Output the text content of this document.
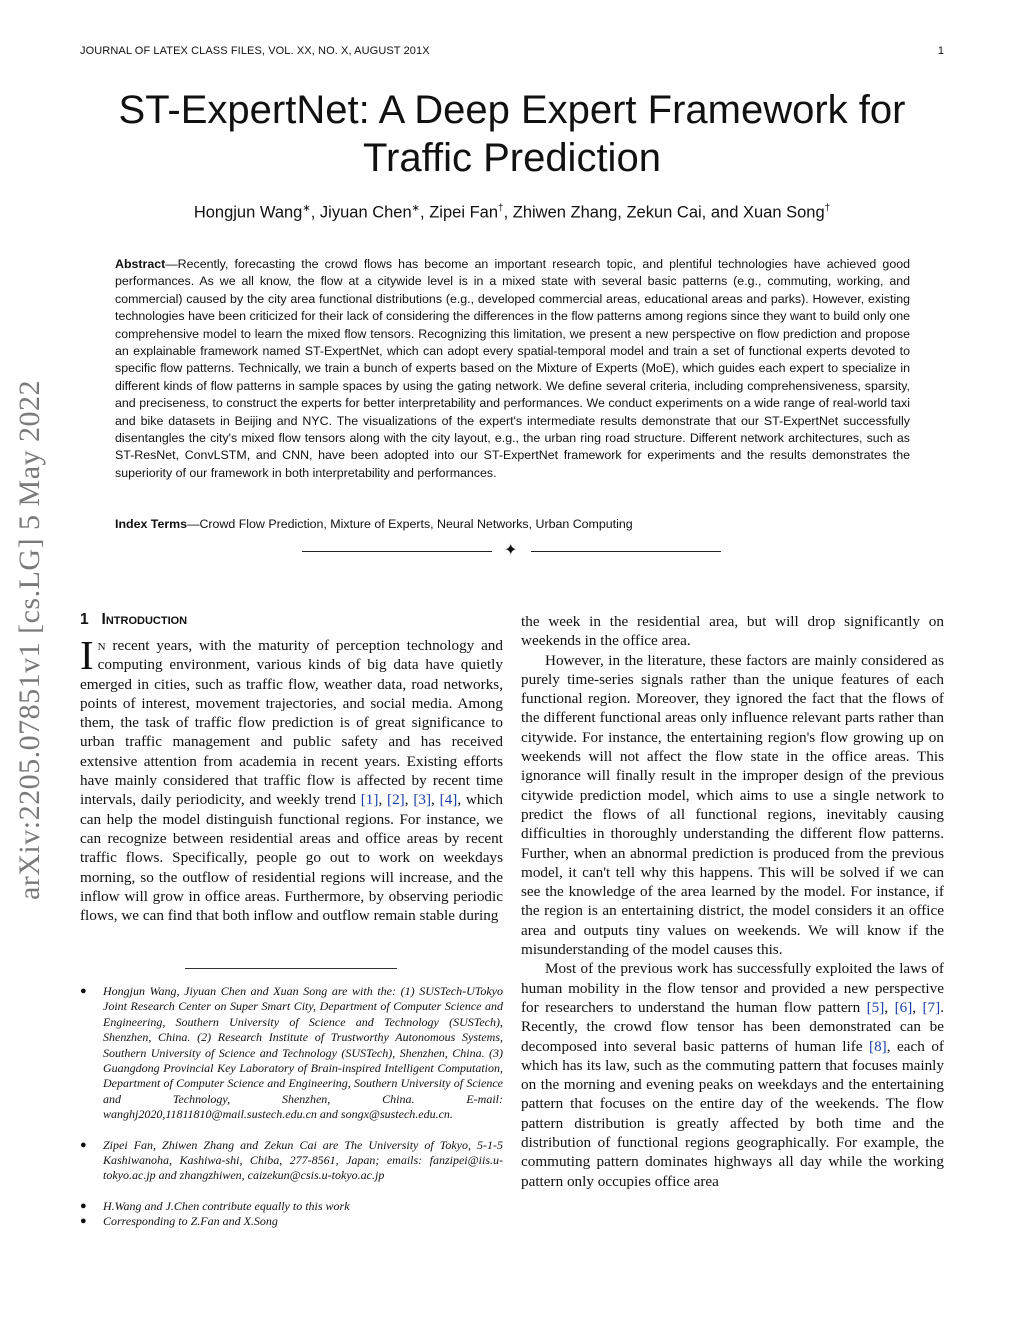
JOURNAL OF LATEX CLASS FILES, VOL. XX, NO. X, AUGUST 201X	1
ST-ExpertNet: A Deep Expert Framework for Traffic Prediction
Hongjun Wang∗, Jiyuan Chen∗, Zipei Fan†, Zhiwen Zhang, Zekun Cai, and Xuan Song†
Abstract—Recently, forecasting the crowd flows has become an important research topic, and plentiful technologies have achieved good performances. As we all know, the flow at a citywide level is in a mixed state with several basic patterns (e.g., commuting, working, and commercial) caused by the city area functional distributions (e.g., developed commercial areas, educational areas and parks). However, existing technologies have been criticized for their lack of considering the differences in the flow patterns among regions since they want to build only one comprehensive model to learn the mixed flow tensors. Recognizing this limitation, we present a new perspective on flow prediction and propose an explainable framework named ST-ExpertNet, which can adopt every spatial-temporal model and train a set of functional experts devoted to specific flow patterns. Technically, we train a bunch of experts based on the Mixture of Experts (MoE), which guides each expert to specialize in different kinds of flow patterns in sample spaces by using the gating network. We define several criteria, including comprehensiveness, sparsity, and preciseness, to construct the experts for better interpretability and performances. We conduct experiments on a wide range of real-world taxi and bike datasets in Beijing and NYC. The visualizations of the expert's intermediate results demonstrate that our ST-ExpertNet successfully disentangles the city's mixed flow tensors along with the city layout, e.g., the urban ring road structure. Different network architectures, such as ST-ResNet, ConvLSTM, and CNN, have been adopted into our ST-ExpertNet framework for experiments and the results demonstrates the superiority of our framework in both interpretability and performances.
Index Terms—Crowd Flow Prediction, Mixture of Experts, Neural Networks, Urban Computing
✦
arXiv:2205.07851v1 [cs.LG] 5 May 2022 1 Introduction

In recent years, with the maturity of perception technology and computing environment, various kinds of big data have quietly emerged in cities, such as traffic flow, weather data, road networks, points of interest, movement trajectories, and social media. Among them, the task of traffic flow prediction is of great significance to urban traffic management and public safety and has received extensive attention from academia in recent years. Existing efforts have mainly considered that traffic flow is affected by recent time intervals, daily periodicity, and weekly trend [1], [2], [3], [4], which can help the model distinguish functional regions. For instance, we can recognize between residential areas and office areas by recent traffic flows. Specifically, people go out to work on weekdays morning, so the outflow of residential regions will increase, and the inflow will grow in office areas. Furthermore, by observing periodic flows, we can find that both inflow and outflow remain stable during

● Hongjun Wang, Jiyuan Chen and Xuan Song are with the: (1) SUSTech-UTokyo Joint Research Center on Super Smart City, Department of Computer Science and Engineering, Southern University of Science and Technology (SUSTech), Shenzhen, China. (2) Research Institute of Trustworthy Autonomous Systems, Southern University of Science and Technology (SUSTech), Shenzhen, China. (3) Guangdong Provincial Key Laboratory of Brain-inspired Intelligent Computation, Department of Computer Science and Engineering, Southern University of Science and Technology, Shenzhen, China. E-mail: wanghj2020,11811810@mail.sustech.edu.cn and songx@sustech.edu.cn.
● Zipei Fan, Zhiwen Zhang and Zekun Cai are The University of Tokyo, 5-1-5 Kashiwanoha, Kashiwa-shi, Chiba, 277-8561, Japan; emails: fanzipei@iis.u-tokyo.ac.jp and zhangzhiwen, caizekun@csis.u-tokyo.ac.jp
● H.Wang and J.Chen contribute equally to this work
● Corresponding to Z.Fan and X.Song

the week in the residential area, but will drop significantly on weekends in the office area.

However, in the literature, these factors are mainly considered as purely time-series signals rather than the unique features of each functional region. Moreover, they ignored the fact that the flows of the different functional areas only influence relevant parts rather than citywide. For instance, the entertaining region's flow growing up on weekends will not affect the flow state in the office areas. This ignorance will finally result in the improper design of the previous citywide prediction model, which aims to use a single network to predict the flows of all functional regions, inevitably causing difficulties in thoroughly understanding the different flow patterns. Further, when an abnormal prediction is produced from the previous model, it can't tell why this happens. This will be solved if we can see the knowledge of the area learned by the model. For instance, if the region is an entertaining district, the model considers it an office area and outputs tiny values on weekends. We will know if the misunderstanding of the model causes this.

Most of the previous work has successfully exploited the laws of human mobility in the flow tensor and provided a new perspective for researchers to understand the human flow pattern [5], [6], [7]. Recently, the crowd flow tensor has been demonstrated can be decomposed into several basic patterns of human life [8], each of which has its law, such as the commuting pattern that focuses mainly on the morning and evening peaks on weekdays and the entertaining pattern that focuses on the entire day of the weekends. The flow pattern distribution is greatly affected by both time and the distribution of functional regions geographically. For example, the commuting pattern dominates highways all day while the working pattern only occupies office area
